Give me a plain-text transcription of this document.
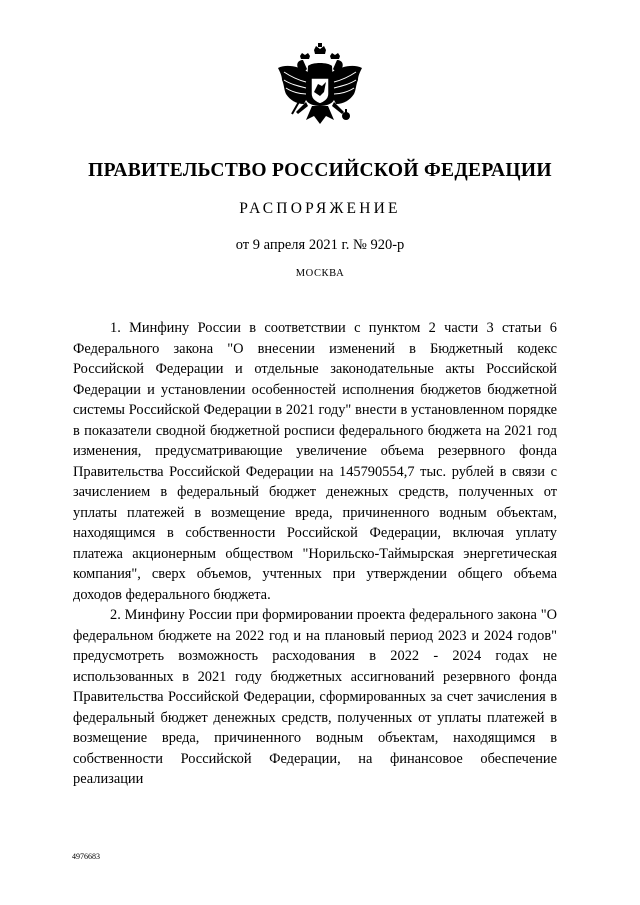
ПРАВИТЕЛЬСТВО РОССИЙСКОЙ ФЕДЕРАЦИИ
РАСПОРЯЖЕНИЕ
от 9 апреля 2021 г. № 920-р
МОСКВА

1. Минфину России в соответствии с пунктом 2 части 3 статьи 6 Федерального закона "О внесении изменений в Бюджетный кодекс Российской Федерации и отдельные законодательные акты Российской Федерации и установлении особенностей исполнения бюджетов бюджетной системы Российской Федерации в 2021 году" внести в установленном порядке в показатели сводной бюджетной росписи федерального бюджета на 2021 год изменения, предусматривающие увеличение объема резервного фонда Правительства Российской Федерации на 145790554,7 тыс. рублей в связи с зачислением в федеральный бюджет денежных средств, полученных от уплаты платежей в возмещение вреда, причиненного водным объектам, находящимся в собственности Российской Федерации, включая уплату платежа акционерным обществом "Норильско-Таймырская энергетическая компания", сверх объемов, учтенных при утверждении общего объема доходов федерального бюджета.

2. Минфину России при формировании проекта федерального закона "О федеральном бюджете на 2022 год и на плановый период 2023 и 2024 годов" предусмотреть возможность расходования в 2022 - 2024 годах не использованных в 2021 году бюджетных ассигнований резервного фонда Правительства Российской Федерации, сформированных за счет зачисления в федеральный бюджет денежных средств, полученных от уплаты платежей в возмещение вреда, причиненного водным объектам, находящимся в собственности Российской Федерации, на финансовое обеспечение реализации

4976683
